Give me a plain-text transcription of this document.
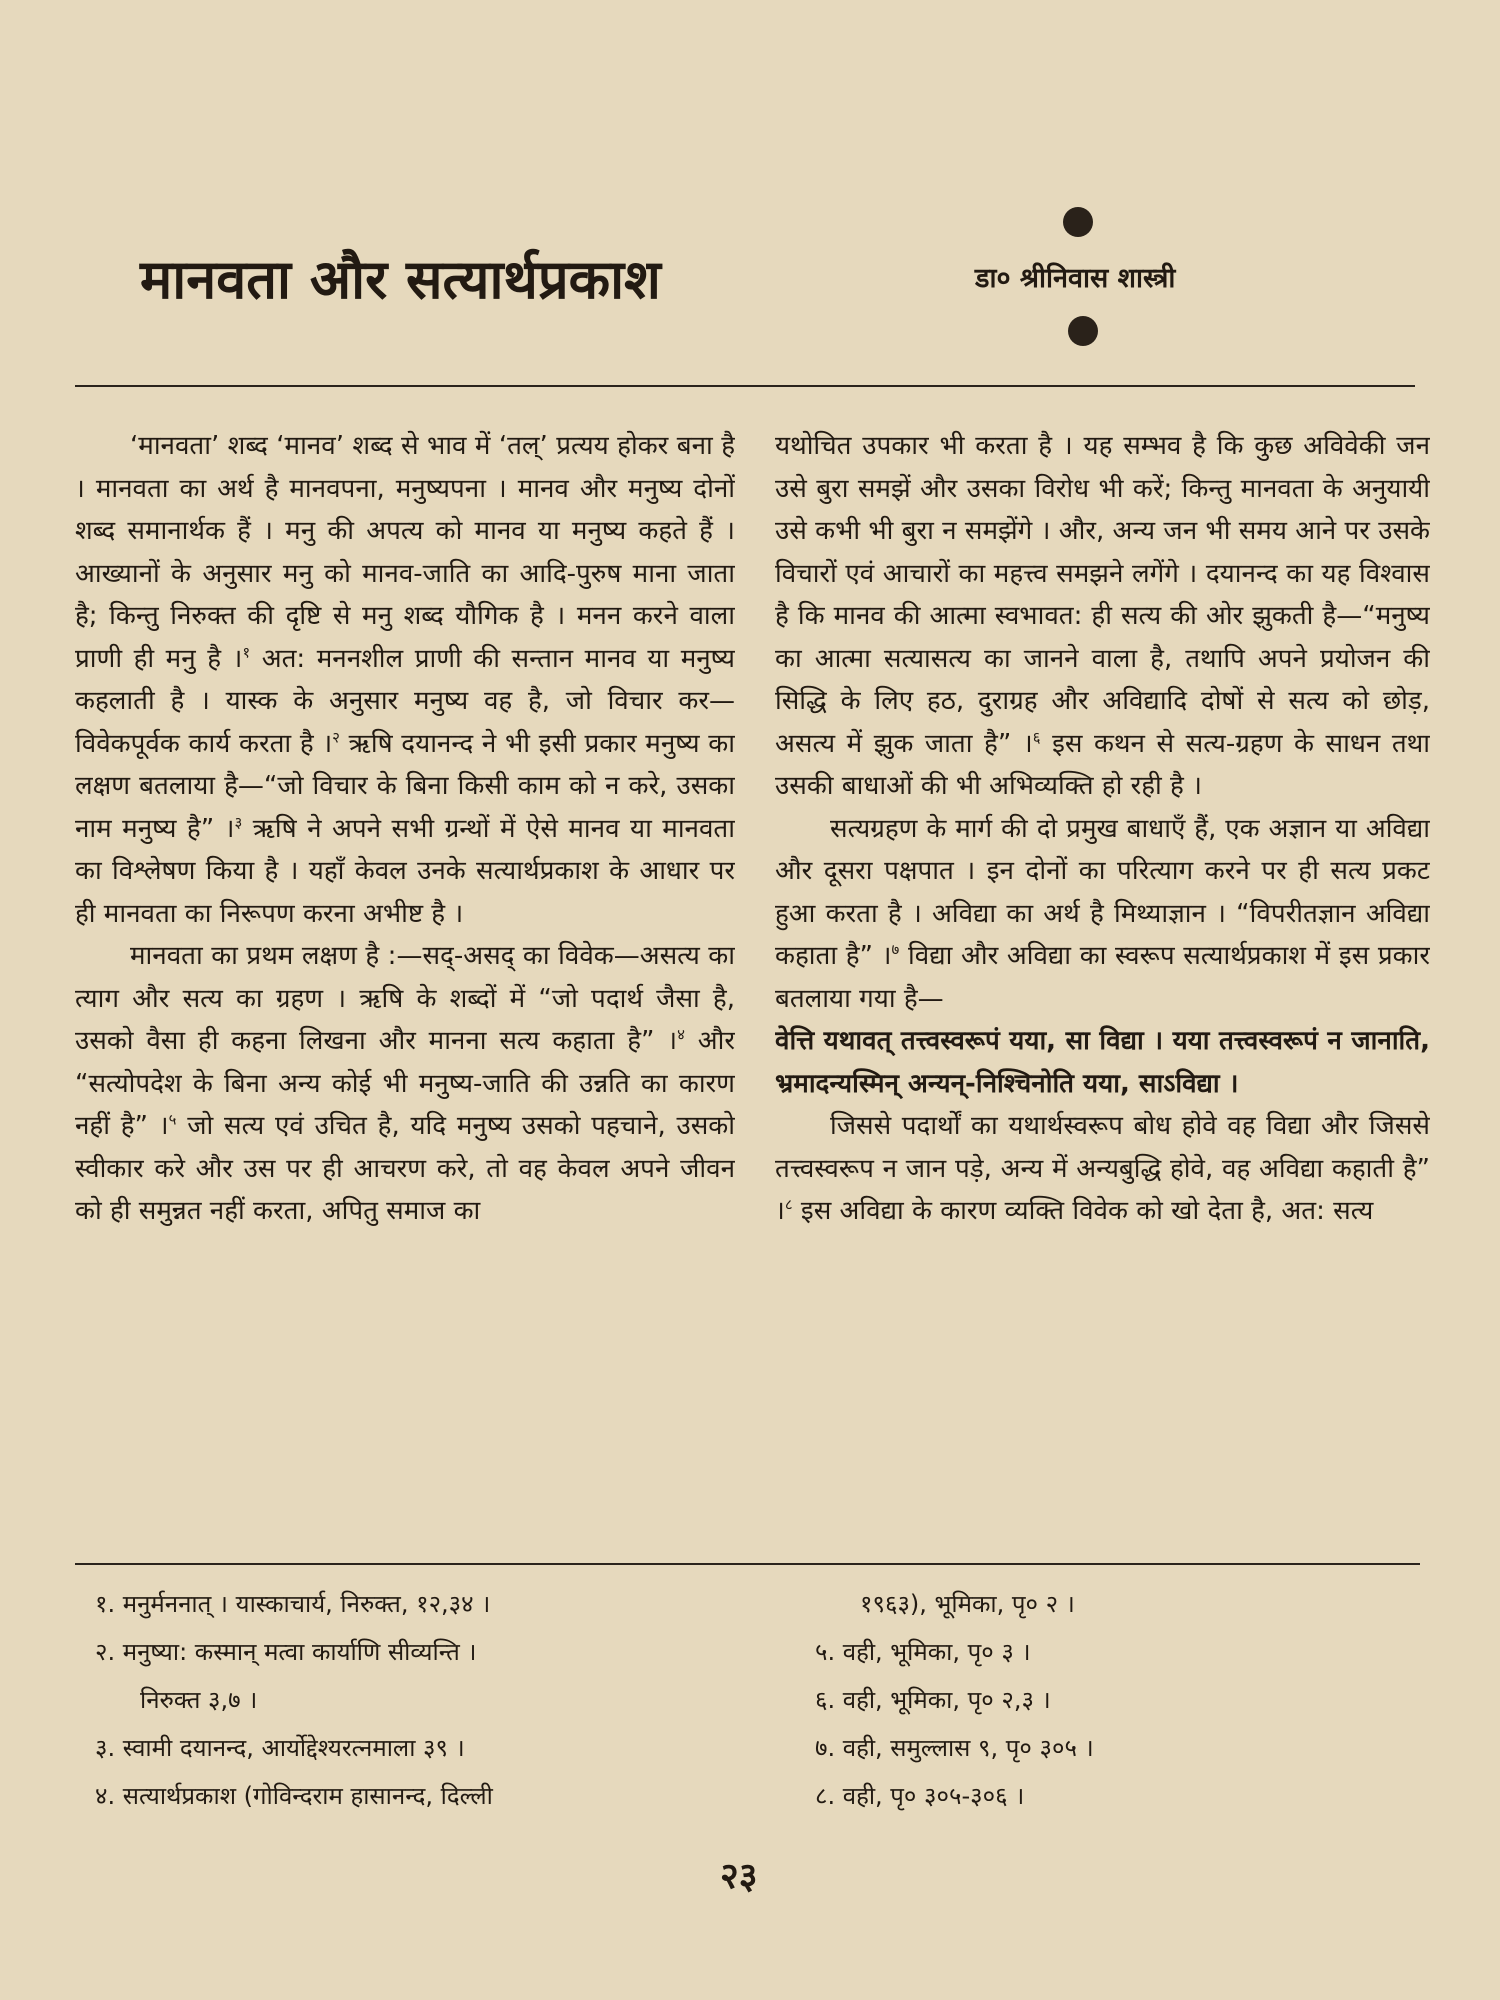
मानवता और सत्यार्थप्रकाश	डा० श्रीनिवास शास्त्री

‘मानवता’ शब्द ‘मानव’ शब्द से भाव में ‘तल्’ प्रत्यय होकर बना है । मानवता का अर्थ है मानवपना, मनुष्यपना । मानव और मनुष्य दोनों शब्द समानार्थक हैं । मनु की अपत्य को मानव या मनुष्य कहते हैं । आख्यानों के अनुसार मनु को मानव-जाति का आदि-पुरुष माना जाता है; किन्तु निरुक्त की दृष्टि से मनु शब्द यौगिक है । मनन करने वाला प्राणी ही मनु है ।$^१$ अत: मननशील प्राणी की सन्तान मानव या मनुष्य कहलाती है । यास्क के अनुसार मनुष्य वह है, जो विचार कर—विवेकपूर्वक कार्य करता है ।$^२$ ऋषि दयानन्द ने भी इसी प्रकार मनुष्य का लक्षण बतलाया है—“जो विचार के बिना किसी काम को न करे, उसका नाम मनुष्य है” ।$^३$ ऋषि ने अपने सभी ग्रन्थों में ऐसे मानव या मानवता का विश्लेषण किया है । यहाँ केवल उनके सत्यार्थप्रकाश के आधार पर ही मानवता का निरूपण करना अभीष्ट है ।

मानवता का प्रथम लक्षण है :—सद्-असद् का विवेक—असत्य का त्याग और सत्य का ग्रहण । ऋषि के शब्दों में “जो पदार्थ जैसा है, उसको वैसा ही कहना लिखना और मानना सत्य कहाता है” ।$^४$ और “सत्योपदेश के बिना अन्य कोई भी मनुष्य-जाति की उन्नति का कारण नहीं है” ।$^५$ जो सत्य एवं उचित है, यदि मनुष्य उसको पहचाने, उसको स्वीकार करे और उस पर ही आचरण करे, तो वह केवल अपने जीवन को ही समुन्नत नहीं करता, अपितु समाज का

यथोचित उपकार भी करता है । यह सम्भव है कि कुछ अविवेकी जन उसे बुरा समझें और उसका विरोध भी करें; किन्तु मानवता के अनुयायी उसे कभी भी बुरा न समझेंगे । और, अन्य जन भी समय आने पर उसके विचारों एवं आचारों का महत्त्व समझने लगेंगे । दयानन्द का यह विश्वास है कि मानव की आत्मा स्वभावत: ही सत्य की ओर झुकती है—“मनुष्य का आत्मा सत्यासत्य का जानने वाला है, तथापि अपने प्रयोजन की सिद्धि के लिए हठ, दुराग्रह और अविद्यादि दोषों से सत्य को छोड़, असत्य में झुक जाता है” ।$^६$ इस कथन से सत्य-ग्रहण के साधन तथा उसकी बाधाओं की भी अभिव्यक्ति हो रही है ।

सत्यग्रहण के मार्ग की दो प्रमुख बाधाएँ हैं, एक अज्ञान या अविद्या और दूसरा पक्षपात । इन दोनों का परित्याग करने पर ही सत्य प्रकट हुआ करता है । अविद्या का अर्थ है मिथ्याज्ञान । “विपरीतज्ञान अविद्या कहाता है” ।$^७$ विद्या और अविद्या का स्वरूप सत्यार्थप्रकाश में इस प्रकार बतलाया गया है—

वेत्ति यथावत् तत्त्वस्वरूपं यया, सा विद्या । यया तत्त्वस्वरूपं न जानाति, भ्रमादन्यस्मिन् अन्यन्-निश्चिनोति यया, साऽविद्या ।

जिससे पदार्थों का यथार्थस्वरूप बोध होवे वह विद्या और जिससे तत्त्वस्वरूप न जान पड़े, अन्य में अन्यबुद्धि होवे, वह अविद्या कहाती है” ।$^८$ इस अविद्या के कारण व्यक्ति विवेक को खो देता है, अत: सत्य

१. मनुर्मननात् । यास्काचार्य, निरुक्त, १२,३४ ।
२. मनुष्या: कस्मान् मत्वा कार्याणि सीव्यन्ति ।
निरुक्त ३,७ ।
३. स्वामी दयानन्द, आर्योद्देश्यरत्नमाला ३९ ।
४. सत्यार्थप्रकाश (गोविन्दराम हासानन्द, दिल्ली
१९६३), भूमिका, पृ० २ ।
५. वही, भूमिका, पृ० ३ ।
६. वही, भूमिका, पृ० २,३ ।
७. वही, समुल्लास ९, पृ० ३०५ ।
८. वही, पृ० ३०५-३०६ ।
२३
